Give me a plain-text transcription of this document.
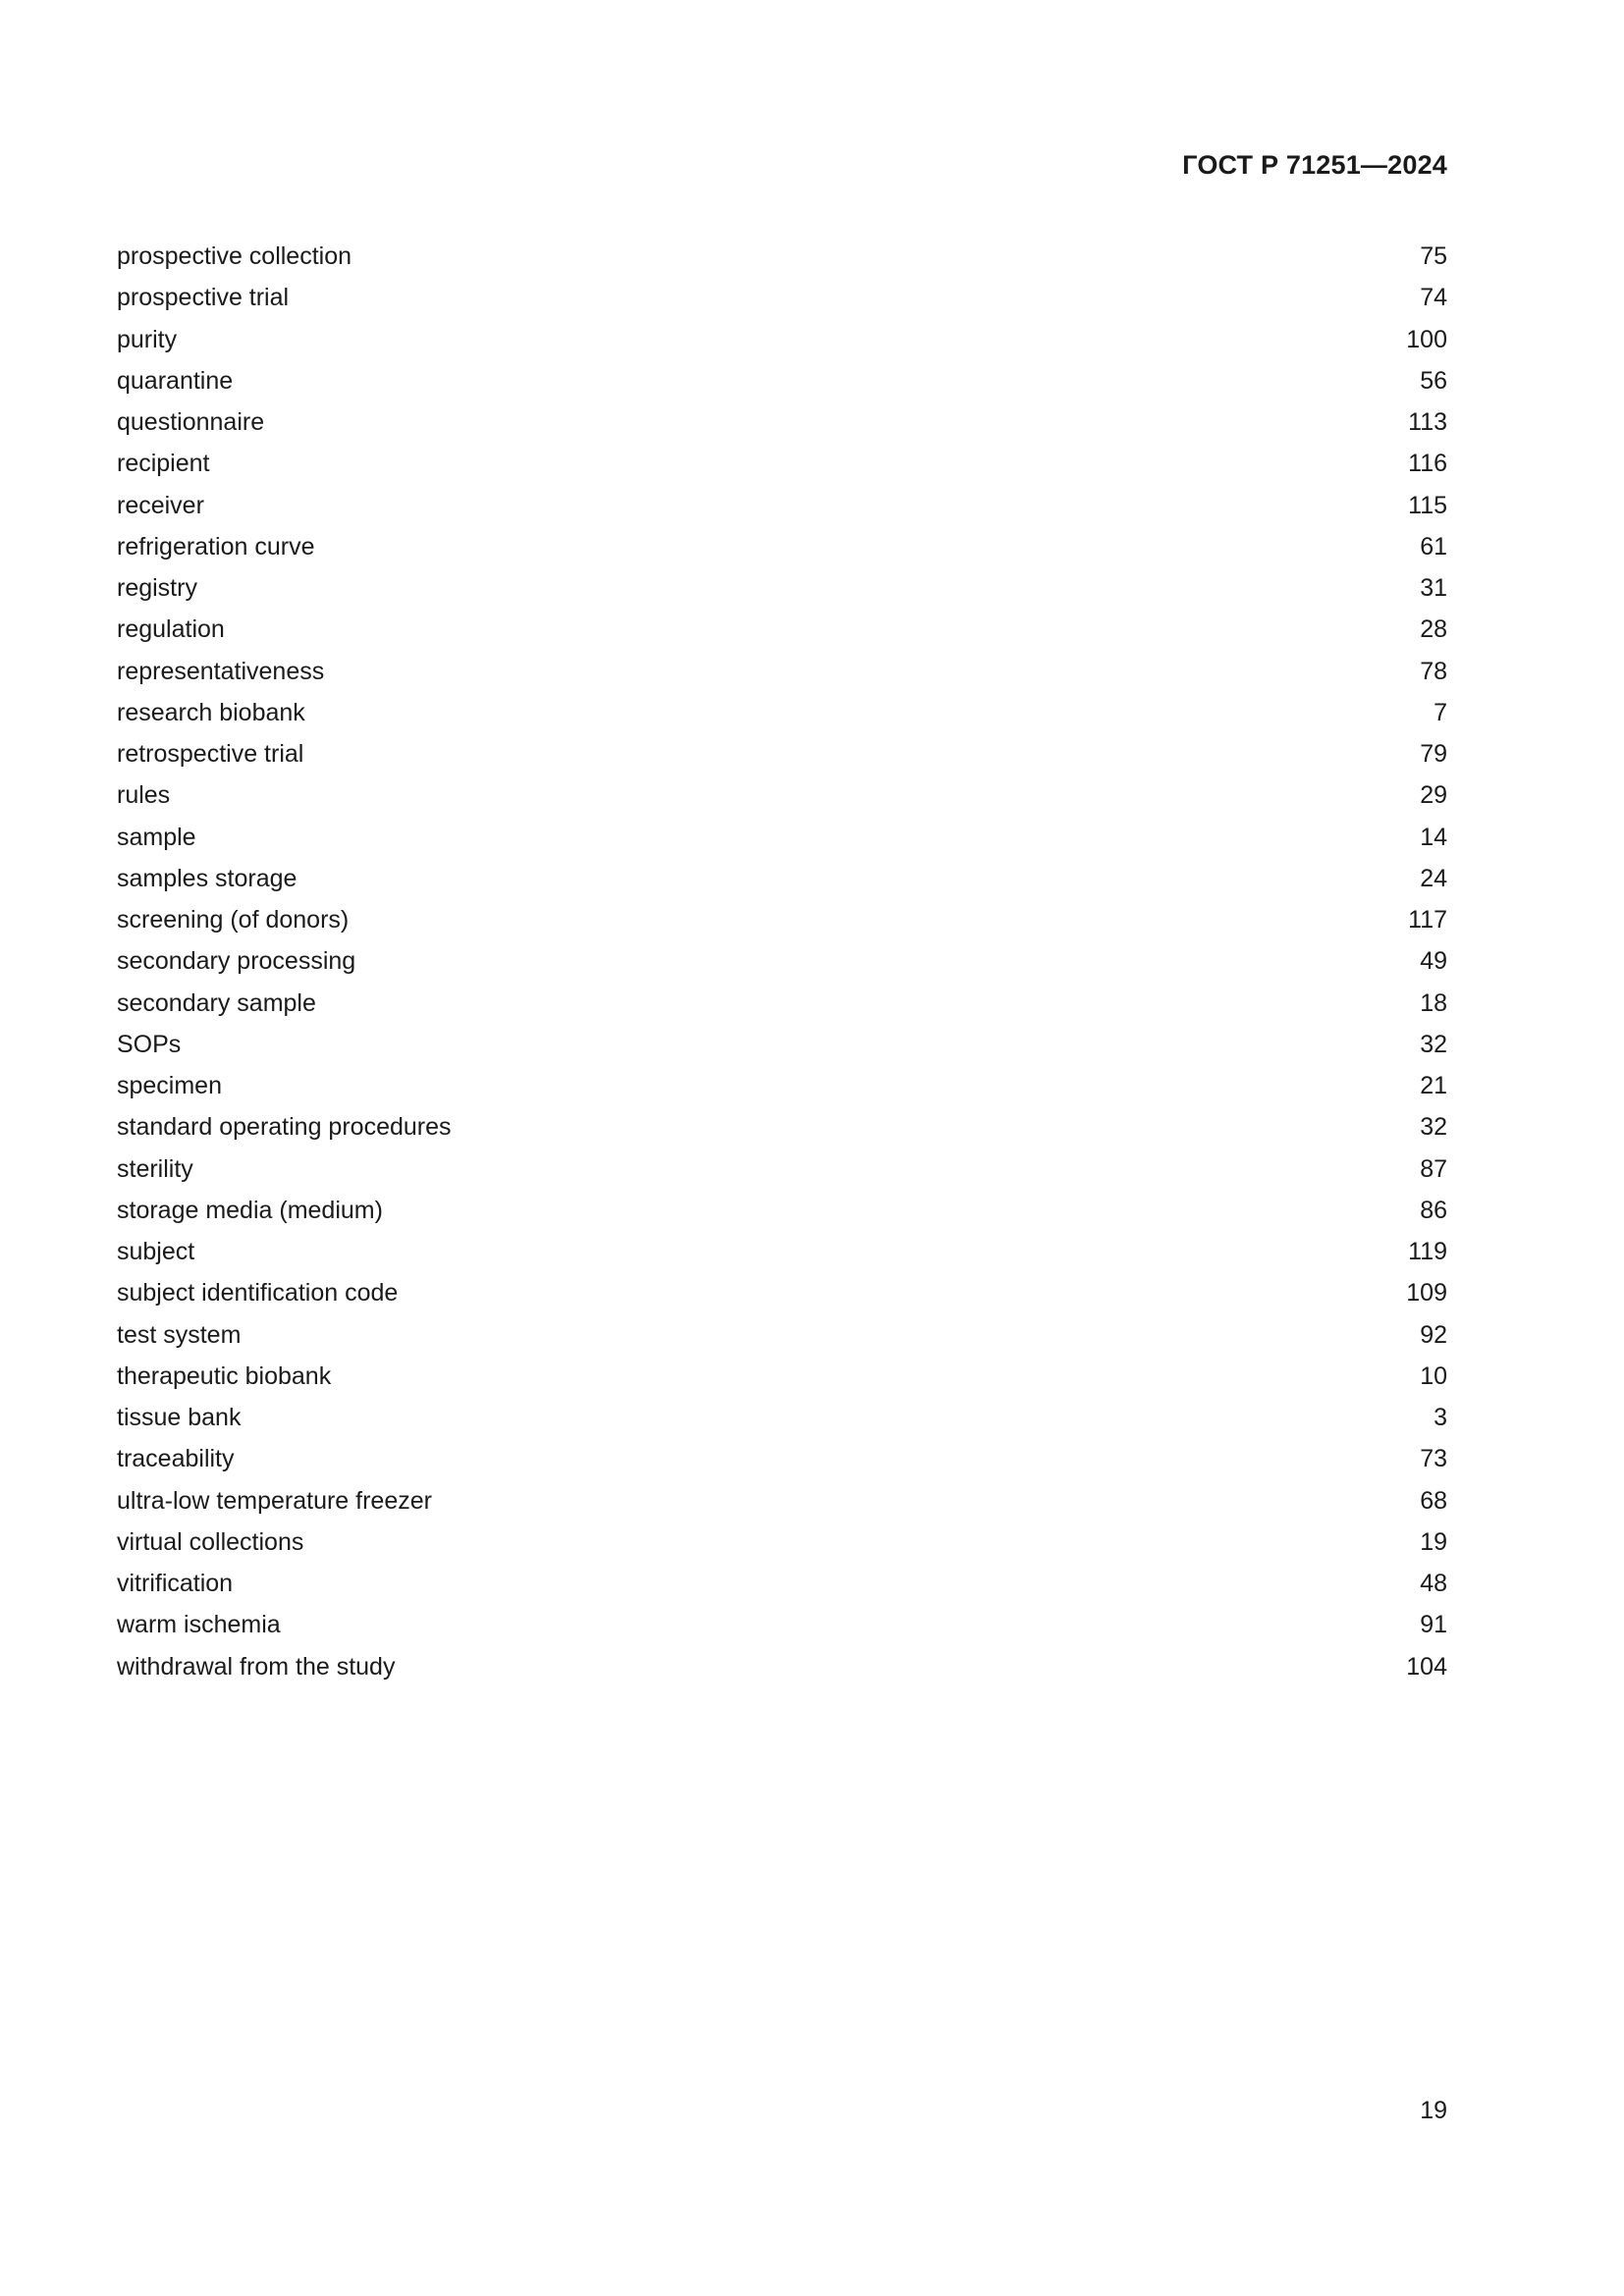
ГОСТ Р 71251—2024
prospective collection	75
prospective trial	74
purity	100
quarantine	56
questionnaire	113
recipient	116
receiver	115
refrigeration curve	61
registry	31
regulation	28
representativeness	78
research biobank	7
retrospective trial	79
rules	29
sample	14
samples storage	24
screening (of donors)	117
secondary processing	49
secondary sample	18
SOPs	32
specimen	21
standard operating procedures	32
sterility	87
storage media (medium)	86
subject	119
subject identification code	109
test system	92
therapeutic biobank	10
tissue bank	3
traceability	73
ultra-low temperature freezer	68
virtual collections	19
vitrification	48
warm ischemia	91
withdrawal from the study	104
19
